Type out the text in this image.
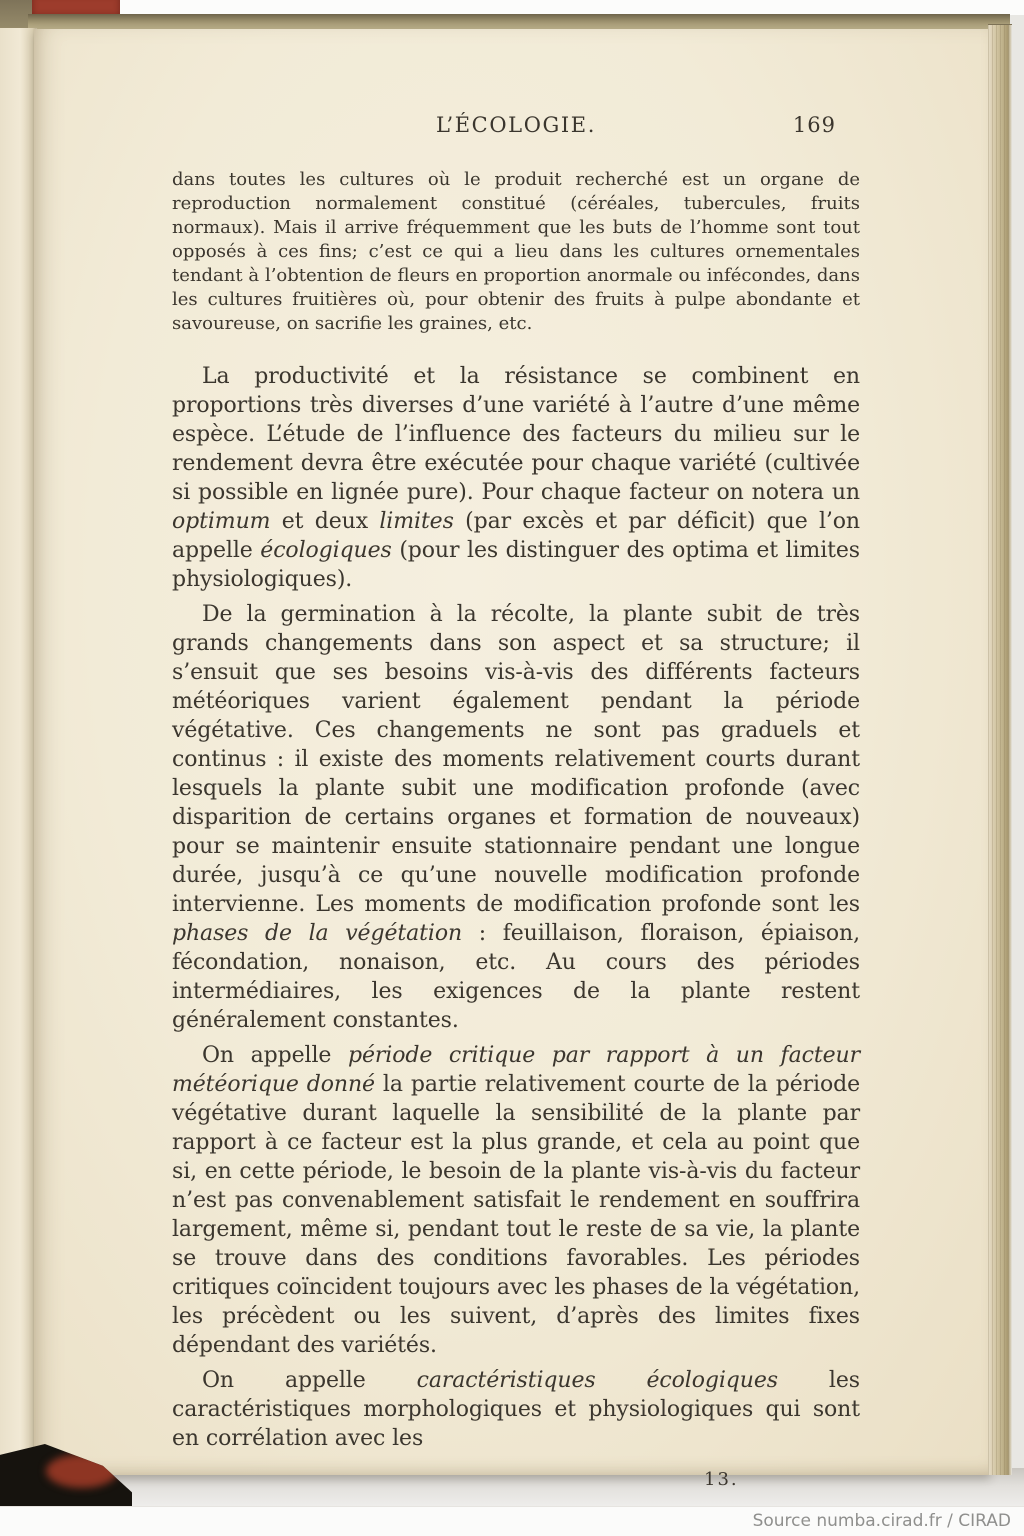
L’ÉCOLOGIE.	169

dans toutes les cultures où le produit recherché est un organe de reproduction normalement constitué (céréales, tubercules, fruits normaux). Mais il arrive fréquemment que les buts de l’homme sont tout opposés à ces fins; c’est ce qui a lieu dans les cultures ornementales tendant à l’obtention de fleurs en proportion anormale ou infécondes, dans les cultures fruitières où, pour obtenir des fruits à pulpe abondante et savoureuse, on sacrifie les graines, etc.

La productivité et la résistance se combinent en proportions très diverses d’une variété à l’autre d’une même espèce. L’étude de l’influence des facteurs du milieu sur le rendement devra être exécutée pour chaque variété (cultivée si possible en lignée pure). Pour chaque facteur on notera un optimum et deux limites (par excès et par déficit) que l’on appelle écologiques (pour les distinguer des optima et limites physiologiques).

De la germination à la récolte, la plante subit de très grands changements dans son aspect et sa structure; il s’ensuit que ses besoins vis-à-vis des différents facteurs météoriques varient également pendant la période végétative. Ces changements ne sont pas graduels et continus : il existe des moments relativement courts durant lesquels la plante subit une modification profonde (avec disparition de certains organes et formation de nouveaux) pour se maintenir ensuite stationnaire pendant une longue durée, jusqu’à ce qu’une nouvelle modification profonde intervienne. Les moments de modification profonde sont les phases de la végétation : feuillaison, floraison, épiaison, fécondation, nonaison, etc. Au cours des périodes intermédiaires, les exigences de la plante restent généralement constantes.

On appelle période critique par rapport à un facteur météorique donné la partie relativement courte de la période végétative durant laquelle la sensibilité de la plante par rapport à ce facteur est la plus grande, et cela au point que si, en cette période, le besoin de la plante vis-à-vis du facteur n’est pas convenablement satisfait le rendement en souffrira largement, même si, pendant tout le reste de sa vie, la plante se trouve dans des conditions favorables. Les périodes critiques coïncident toujours avec les phases de la végétation, les précèdent ou les suivent, d’après des limites fixes dépendant des variétés.

On appelle caractéristiques écologiques les caractéristiques morphologiques et physiologiques qui sont en corrélation avec les

13.
Source numba.cirad.fr / CIRAD
